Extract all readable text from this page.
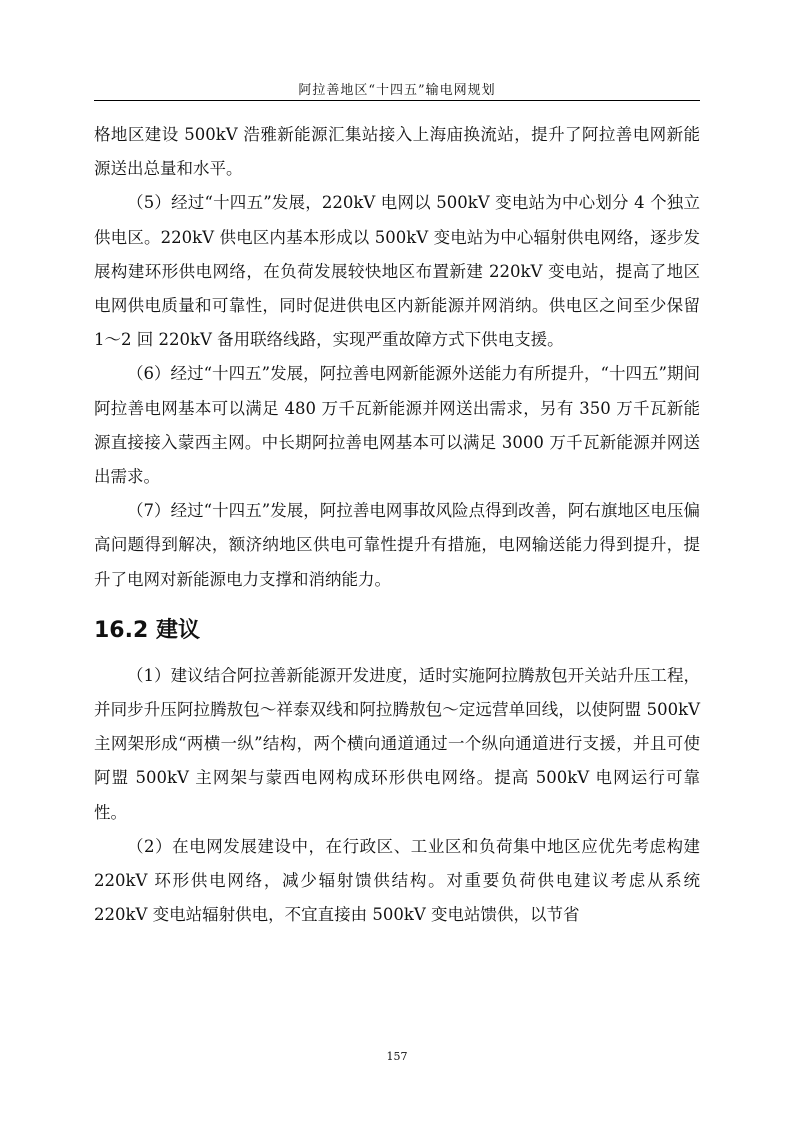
阿拉善地区“十四五”输电网规划

格地区建设 500kV 浩雅新能源汇集站接入上海庙换流站，提升了阿拉善电网新能源送出总量和水平。

（5）经过“十四五”发展，220kV 电网以 500kV 变电站为中心划分 4 个独立供电区。220kV 供电区内基本形成以 500kV 变电站为中心辐射供电网络，逐步发展构建环形供电网络，在负荷发展较快地区布置新建 220kV 变电站，提高了地区电网供电质量和可靠性，同时促进供电区内新能源并网消纳。供电区之间至少保留 1～2 回 220kV 备用联络线路，实现严重故障方式下供电支援。

（6）经过“十四五”发展，阿拉善电网新能源外送能力有所提升，“十四五”期间阿拉善电网基本可以满足 480 万千瓦新能源并网送出需求，另有 350 万千瓦新能源直接接入蒙西主网。中长期阿拉善电网基本可以满足 3000 万千瓦新能源并网送出需求。

（7）经过“十四五”发展，阿拉善电网事故风险点得到改善，阿右旗地区电压偏高问题得到解决，额济纳地区供电可靠性提升有措施，电网输送能力得到提升，提升了电网对新能源电力支撑和消纳能力。

16.2 建议

（1）建议结合阿拉善新能源开发进度，适时实施阿拉腾敖包开关站升压工程，并同步升压阿拉腾敖包～祥泰双线和阿拉腾敖包～定远营单回线，以使阿盟 500kV 主网架形成“两横一纵”结构，两个横向通道通过一个纵向通道进行支援，并且可使阿盟 500kV 主网架与蒙西电网构成环形供电网络。提高 500kV 电网运行可靠性。

（2）在电网发展建设中，在行政区、工业区和负荷集中地区应优先考虑构建 220kV 环形供电网络，减少辐射馈供结构。对重要负荷供电建议考虑从系统 220kV 变电站辐射供电，不宜直接由 500kV 变电站馈供，以节省

157
